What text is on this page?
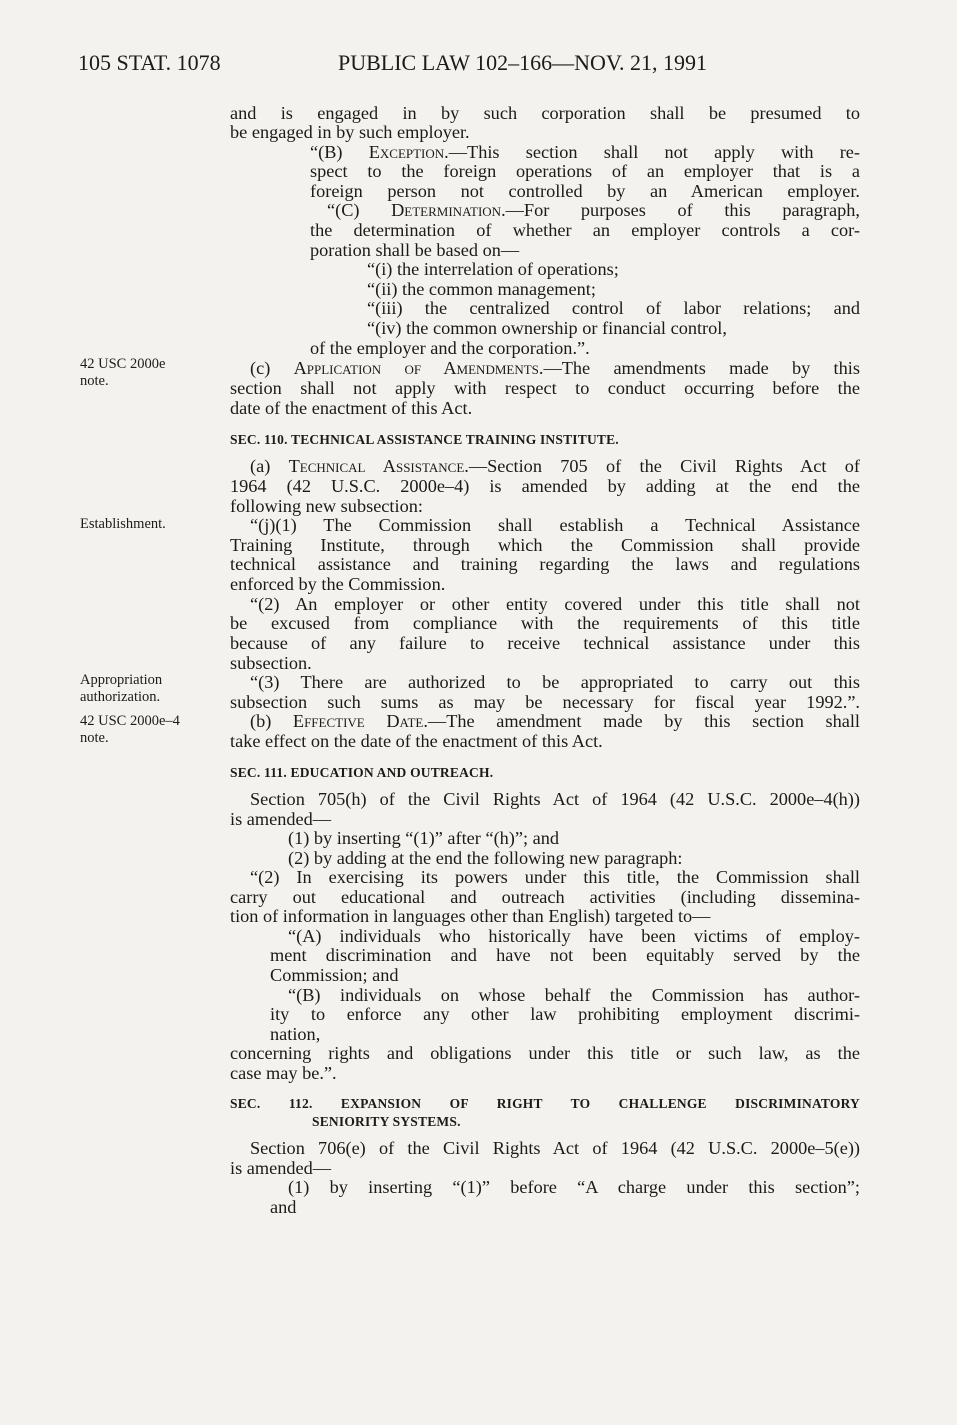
105 STAT. 1078	PUBLIC LAW 102–166—NOV. 21, 1991
42 USC 2000e
note.
Establishment.
Appropriation
authorization.
42 USC 2000e–4
note.
and is engaged in by such corporation shall be presumed to
be engaged in by such employer.
“(B) Exception.—This section shall not apply with re-
spect to the foreign operations of an employer that is a
foreign person not controlled by an American employer.
“(C) Determination.—For purposes of this paragraph,
the determination of whether an employer controls a cor-
poration shall be based on—
“(i) the interrelation of operations;
“(ii) the common management;
“(iii) the centralized control of labor relations; and
“(iv) the common ownership or financial control,
of the employer and the corporation.”.
(c) Application of Amendments.—The amendments made by this
section shall not apply with respect to conduct occurring before the
date of the enactment of this Act.
SEC. 110. TECHNICAL ASSISTANCE TRAINING INSTITUTE.
(a) Technical Assistance.—Section 705 of the Civil Rights Act of
1964 (42 U.S.C. 2000e–4) is amended by adding at the end the
following new subsection:
“(j)(1) The Commission shall establish a Technical Assistance
Training Institute, through which the Commission shall provide
technical assistance and training regarding the laws and regulations
enforced by the Commission.
“(2) An employer or other entity covered under this title shall not
be excused from compliance with the requirements of this title
because of any failure to receive technical assistance under this
subsection.
“(3) There are authorized to be appropriated to carry out this
subsection such sums as may be necessary for fiscal year 1992.”.
(b) Effective Date.—The amendment made by this section shall
take effect on the date of the enactment of this Act.
SEC. 111. EDUCATION AND OUTREACH.
Section 705(h) of the Civil Rights Act of 1964 (42 U.S.C. 2000e–4(h))
is amended—
(1) by inserting “(1)” after “(h)”; and
(2) by adding at the end the following new paragraph:
“(2) In exercising its powers under this title, the Commission shall
carry out educational and outreach activities (including dissemina-
tion of information in languages other than English) targeted to—
“(A) individuals who historically have been victims of employ-
ment discrimination and have not been equitably served by the
Commission; and
“(B) individuals on whose behalf the Commission has author-
ity to enforce any other law prohibiting employment discrimi-
nation,
concerning rights and obligations under this title or such law, as the
case may be.”.
SEC. 112. EXPANSION OF RIGHT TO CHALLENGE DISCRIMINATORY
SENIORITY SYSTEMS.
Section 706(e) of the Civil Rights Act of 1964 (42 U.S.C. 2000e–5(e))
is amended—
(1) by inserting “(1)” before “A charge under this section”;
and
